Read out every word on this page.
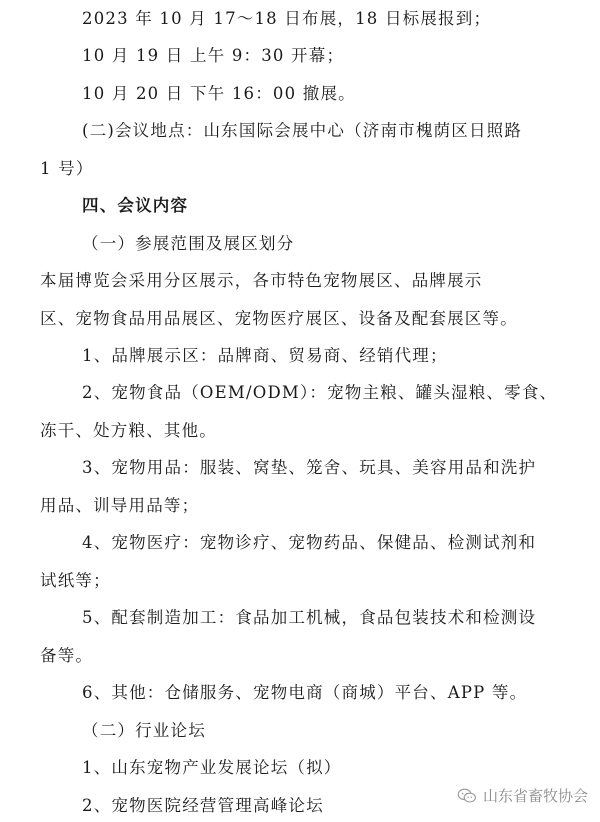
2023 年 10 月 17～18 日布展，18 日标展报到；
10 月 19 日 上午 9：30 开幕；
10 月 20 日 下午 16：00 撤展。
(二)会议地点：山东国际会展中心（济南市槐荫区日照路
1 号）
四、会议内容
（一）参展范围及展区划分
本届博览会采用分区展示，各市特色宠物展区、品牌展示
区、宠物食品用品展区、宠物医疗展区、设备及配套展区等。
1、品牌展示区：品牌商、贸易商、经销代理；
2、宠物食品（OEM/ODM）：宠物主粮、罐头湿粮、零食、
冻干、处方粮、其他。
3、宠物用品：服装、窝垫、笼舍、玩具、美容用品和洗护
用品、训导用品等；
4、宠物医疗：宠物诊疗、宠物药品、保健品、检测试剂和
试纸等；
5、配套制造加工：食品加工机械，食品包装技术和检测设
备等。
6、其他：仓储服务、宠物电商（商城）平台、APP 等。
（二）行业论坛
1、山东宠物产业发展论坛（拟）
2、宠物医院经营管理高峰论坛	山东省畜牧协会
